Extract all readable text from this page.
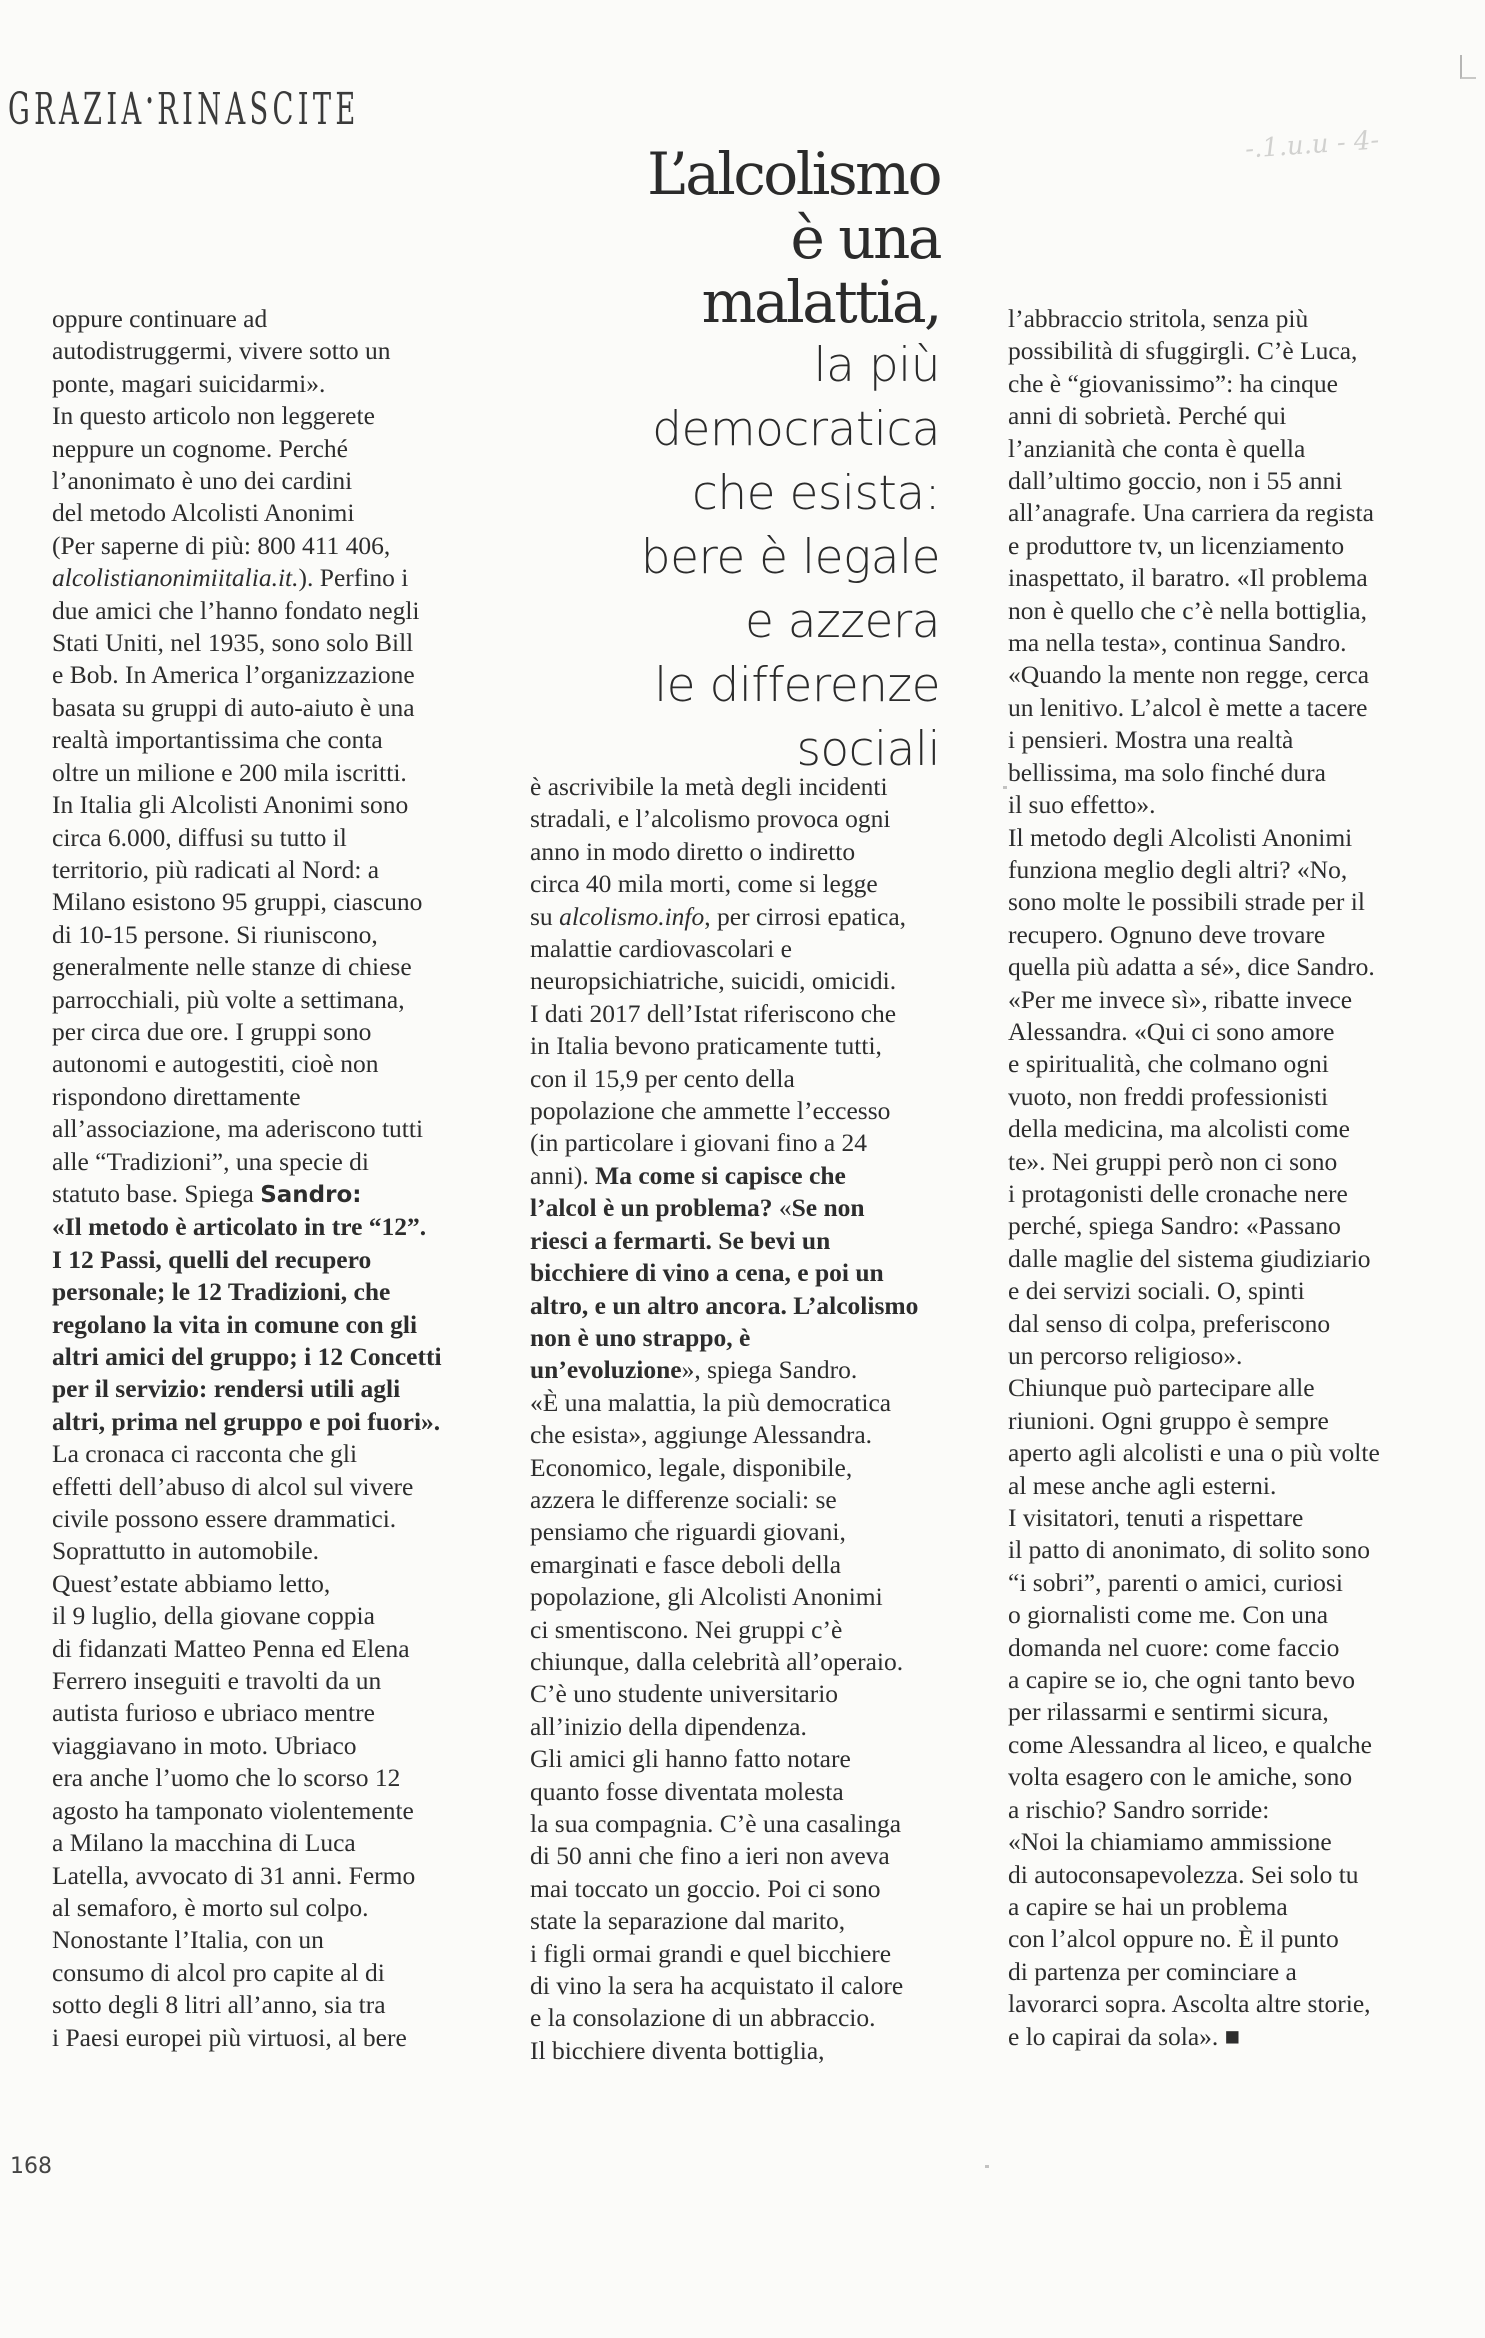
-.1.u.u - 4-
GRAZIA•RINASCITE
L’alcolismo
è una malattia,
la più
democratica
che esista:
bere è legale
e azzera
le differenze
sociali

oppure continuare ad

autodistruggermi, vivere sotto un

ponte, magari suicidarmi».

In questo articolo non leggerete

neppure un cognome. Perché

l’anonimato è uno dei cardini

del metodo Alcolisti Anonimi

(Per saperne di più: 800 411 406,

alcolistianonimiitalia.it.). Perfino i

due amici che l’hanno fondato negli

Stati Uniti, nel 1935, sono solo Bill

e Bob. In America l’organizzazione

basata su gruppi di auto-aiuto è una

realtà importantissima che conta

oltre un milione e 200 mila iscritti.

In Italia gli Alcolisti Anonimi sono

circa 6.000, diffusi su tutto il

territorio, più radicati al Nord: a

Milano esistono 95 gruppi, ciascuno

di 10-15 persone. Si riuniscono,

generalmente nelle stanze di chiese

parrocchiali, più volte a settimana,

per circa due ore. I gruppi sono

autonomi e autogestiti, cioè non

rispondono direttamente

all’associazione, ma aderiscono tutti

alle “Tradizioni”, una specie di

statuto base. Spiega Sandro:

«Il metodo è articolato in tre “12”.

I 12 Passi, quelli del recupero

personale; le 12 Tradizioni, che

regolano la vita in comune con gli

altri amici del gruppo; i 12 Concetti

per il servizio: rendersi utili agli

altri, prima nel gruppo e poi fuori».

La cronaca ci racconta che gli

effetti dell’abuso di alcol sul vivere

civile possono essere drammatici.

Soprattutto in automobile.

Quest’estate abbiamo letto,

il 9 luglio, della giovane coppia

di fidanzati Matteo Penna ed Elena

Ferrero inseguiti e travolti da un

autista furioso e ubriaco mentre

viaggiavano in moto. Ubriaco

era anche l’uomo che lo scorso 12

agosto ha tamponato violentemente

a Milano la macchina di Luca

Latella, avvocato di 31 anni. Fermo

al semaforo, è morto sul colpo.

Nonostante l’Italia, con un

consumo di alcol pro capite al di

sotto degli 8 litri all’anno, sia tra

i Paesi europei più virtuosi, al bere

è ascrivibile la metà degli incidenti

stradali, e l’alcolismo provoca ogni

anno in modo diretto o indiretto

circa 40 mila morti, come si legge

su alcolismo.info, per cirrosi epatica,

malattie cardiovascolari e

neuropsichiatriche, suicidi, omicidi.

I dati 2017 dell’Istat riferiscono che

in Italia bevono praticamente tutti,

con il 15,9 per cento della

popolazione che ammette l’eccesso

(in particolare i giovani fino a 24

anni). Ma come si capisce che

l’alcol è un problema? «Se non

riesci a fermarti. Se bevi un

bicchiere di vino a cena, e poi un

altro, e un altro ancora. L’alcolismo

non è uno strappo, è

un’evoluzione», spiega Sandro.

«È una malattia, la più democratica

che esista», aggiunge Alessandra.

Economico, legale, disponibile,

azzera le differenze sociali: se

pensiamo che riguardi giovani,

emarginati e fasce deboli della

popolazione, gli Alcolisti Anonimi

ci smentiscono. Nei gruppi c’è

chiunque, dalla celebrità all’operaio.

C’è uno studente universitario

all’inizio della dipendenza.

Gli amici gli hanno fatto notare

quanto fosse diventata molesta

la sua compagnia. C’è una casalinga

di 50 anni che fino a ieri non aveva

mai toccato un goccio. Poi ci sono

state la separazione dal marito,

i figli ormai grandi e quel bicchiere

di vino la sera ha acquistato il calore

e la consolazione di un abbraccio.

Il bicchiere diventa bottiglia,

l’abbraccio stritola, senza più

possibilità di sfuggirgli. C’è Luca,

che è “giovanissimo”: ha cinque

anni di sobrietà. Perché qui

l’anzianità che conta è quella

dall’ultimo goccio, non i 55 anni

all’anagrafe. Una carriera da regista

e produttore tv, un licenziamento

inaspettato, il baratro. «Il problema

non è quello che c’è nella bottiglia,

ma nella testa», continua Sandro.

«Quando la mente non regge, cerca

un lenitivo. L’alcol è mette a tacere

i pensieri. Mostra una realtà

bellissima, ma solo finché dura

il suo effetto».

Il metodo degli Alcolisti Anonimi

funziona meglio degli altri? «No,

sono molte le possibili strade per il

recupero. Ognuno deve trovare

quella più adatta a sé», dice Sandro.

«Per me invece sì», ribatte invece

Alessandra. «Qui ci sono amore

e spiritualità, che colmano ogni

vuoto, non freddi professionisti

della medicina, ma alcolisti come

te». Nei gruppi però non ci sono

i protagonisti delle cronache nere

perché, spiega Sandro: «Passano

dalle maglie del sistema giudiziario

e dei servizi sociali. O, spinti

dal senso di colpa, preferiscono

un percorso religioso».

Chiunque può partecipare alle

riunioni. Ogni gruppo è sempre

aperto agli alcolisti e una o più volte

al mese anche agli esterni.

I visitatori, tenuti a rispettare

il patto di anonimato, di solito sono

“i sobri”, parenti o amici, curiosi

o giornalisti come me. Con una

domanda nel cuore: come faccio

a capire se io, che ogni tanto bevo

per rilassarmi e sentirmi sicura,

come Alessandra al liceo, e qualche

volta esagero con le amiche, sono

a rischio? Sandro sorride:

«Noi la chiamiamo ammissione

di autoconsapevolezza. Sei solo tu

a capire se hai un problema

con l’alcol oppure no. È il punto

di partenza per cominciare a

lavorarci sopra. Ascolta altre storie,

e lo capirai da sola». ■

168
